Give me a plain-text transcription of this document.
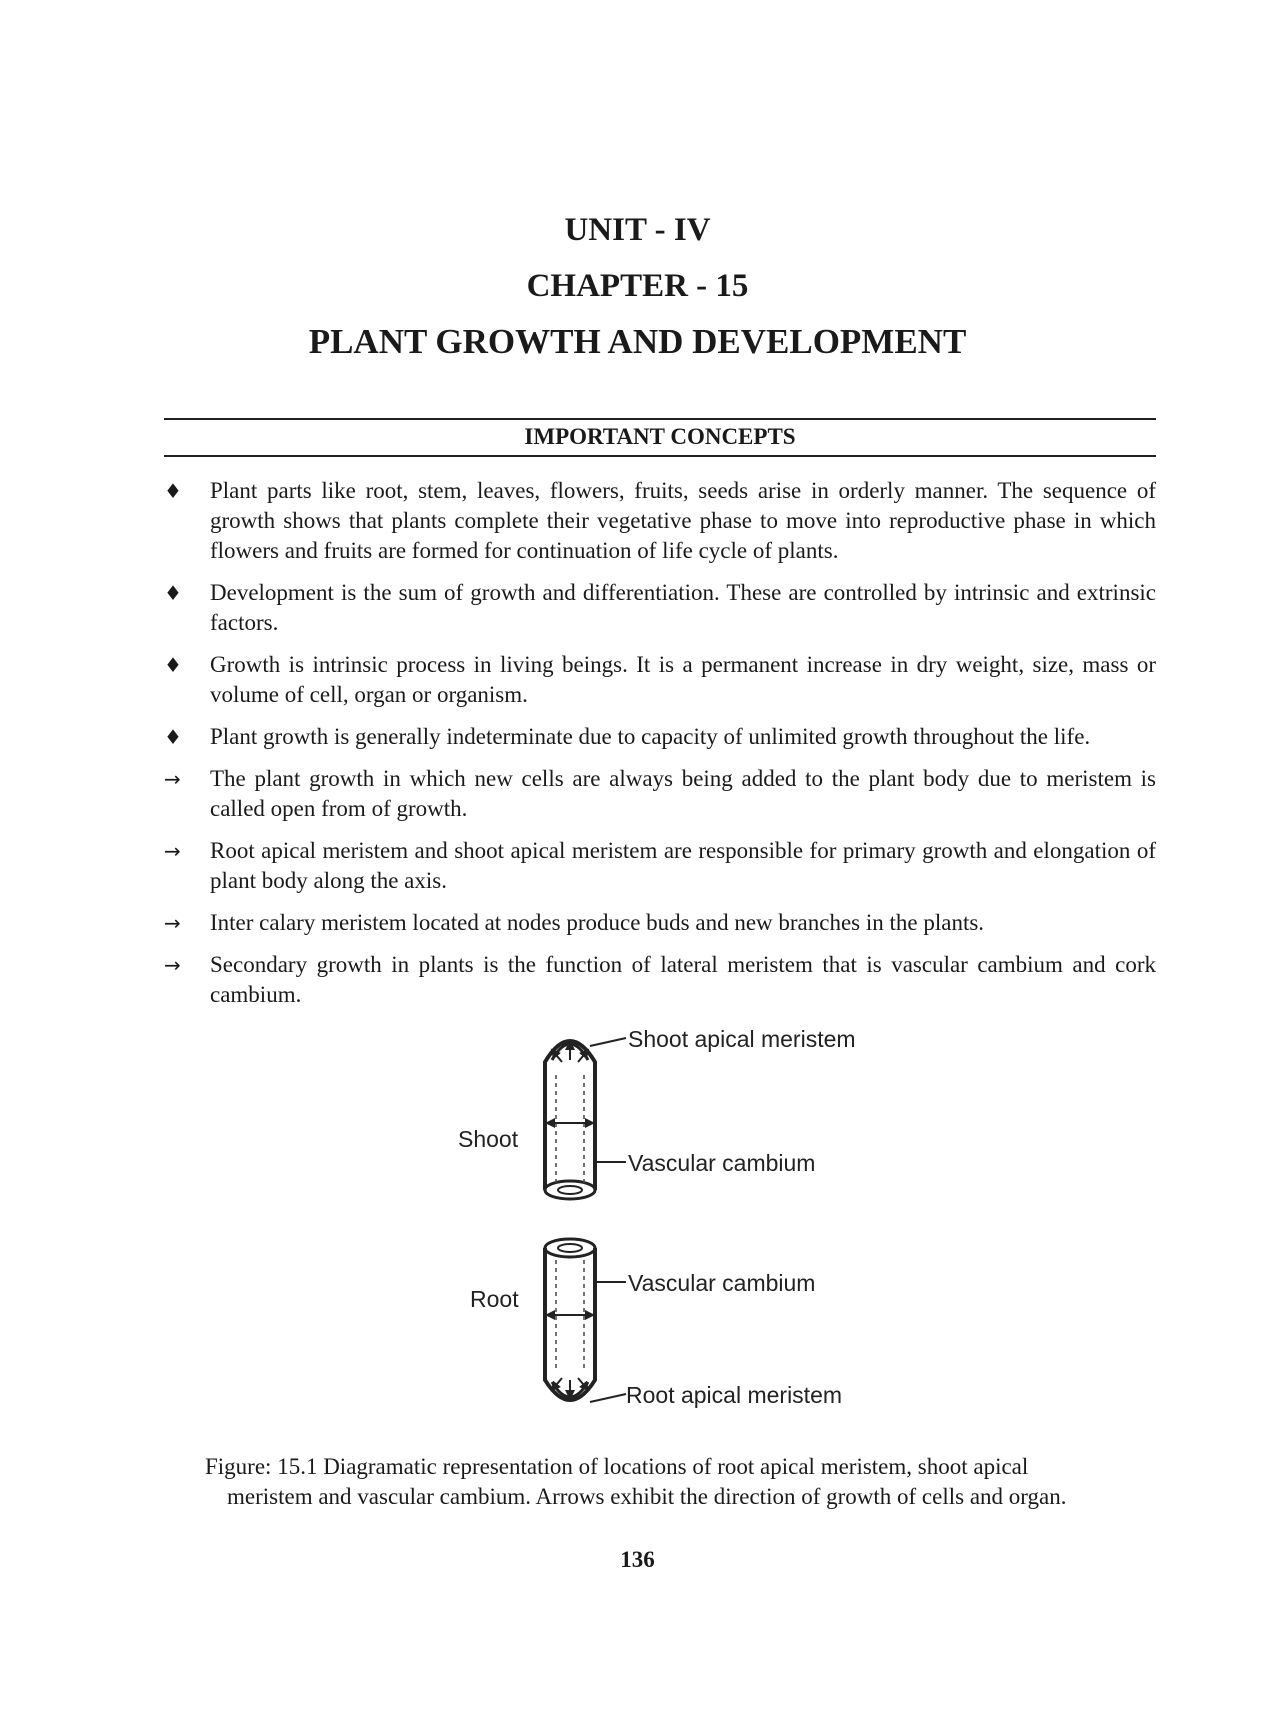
UNIT - IV
CHAPTER - 15
PLANT GROWTH AND DEVELOPMENT
IMPORTANT CONCEPTS
♦ Plant parts like root, stem, leaves, flowers, fruits, seeds arise in orderly manner. The sequence of growth shows that plants complete their vegetative phase to move into reproductive phase in which flowers and fruits are formed for continuation of life cycle of plants.
♦ Development is the sum of growth and differentiation. These are controlled by intrinsic and extrinsic factors.
♦ Growth is intrinsic process in living beings. It is a permanent increase in dry weight, size, mass or volume of cell, organ or organism.
♦ Plant growth is generally indeterminate due to capacity of unlimited growth throughout the life.
→ The plant growth in which new cells are always being added to the plant body due to meristem is called open from of growth.
→ Root apical meristem and shoot apical meristem are responsible for primary growth and elongation of plant body along the axis.
→ Inter calary meristem located at nodes produce buds and new branches in the plants.
→ Secondary growth in plants is the function of lateral meristem that is vascular cambium and cork cambium.
Shoot apical meristem
Shoot
Vascular cambium
Root
Vascular cambium
Root apical meristem
Figure: 15.1 Diagramatic representation of locations of root apical meristem, shoot apical
meristem and vascular cambium. Arrows exhibit the direction of growth of cells and organ.
136
